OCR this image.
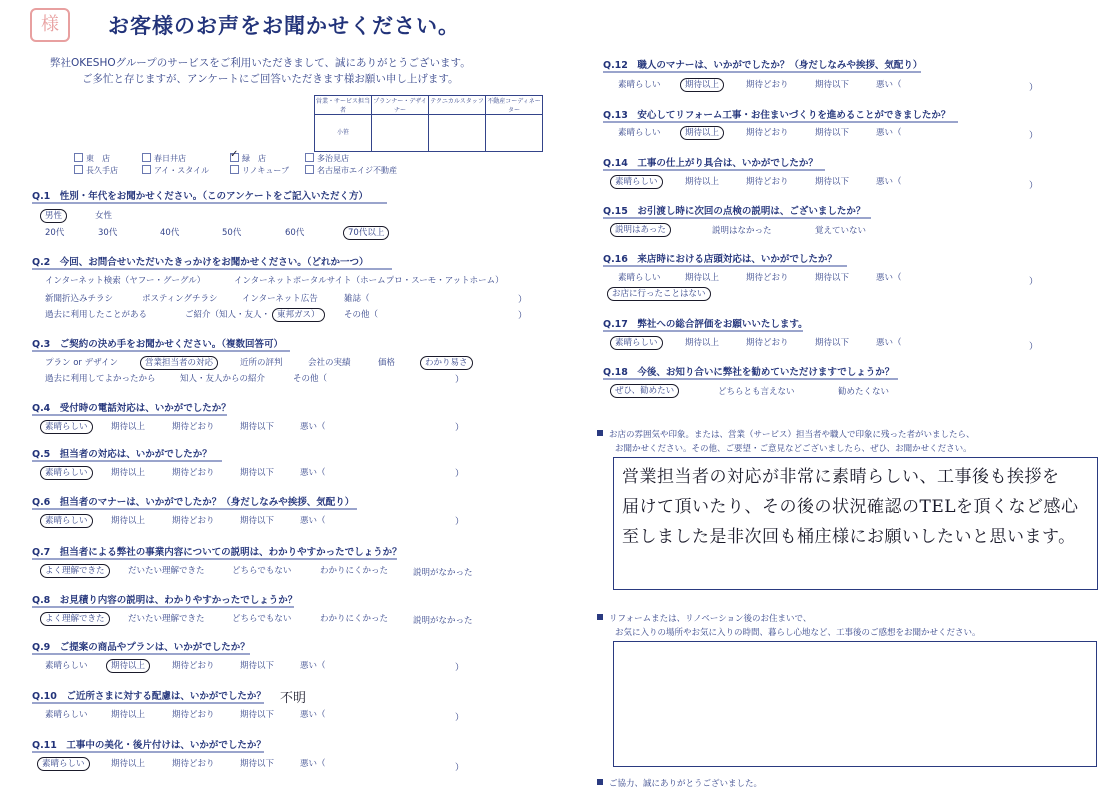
様	お客様のお声をお聞かせください。
弊社OKESHOグループのサービスをご利用いただきまして、誠にありがとうございます。
ご多忙と存じますが、アンケートにご回答いただきます様お願い申し上げます。
営業・サービス担当者	プランナー・デザイナー	テクニカルスタッフ	不動産コーディネーター
小笹			
東　店	春日井店 ✓	緑　店	多治見店
長久手店	アイ・スタイル	リノキューブ	名古屋市エイジ不動産
Q.1　性別・年代をお聞かせください。（このアンケートをご記入いただく方）
男性	女性
20代	30代	40代	50代	60代	70代以上
Q.2　今回、お問合せいただいたきっかけをお聞かせください。（どれか一つ）
インターネット検索（ヤフー・グーグル）	インターネットポータルサイト（ホームプロ・スーモ・アットホーム）
新聞折込みチラシ	ポスティングチラシ	インターネット広告	雑誌（	）
過去に利用したことがある	ご紹介（知人・友人・ 東邦ガス）	その他（	）
Q.3　ご契約の決め手をお聞かせください。（複数回答可）
プラン or デザイン	営業担当者の対応	近所の評判	会社の実績	価格	わかり易さ
過去に利用してよかったから	知人・友人からの紹介	その他（	）
Q.4　受付時の電話対応は、いかがでしたか？
素晴らしい	期待以上	期待どおり	期待以下	悪い（	）
Q.5　担当者の対応は、いかがでしたか？
素晴らしい	期待以上	期待どおり	期待以下	悪い（	）
Q.6　担当者のマナーは、いかがでしたか？（身だしなみや挨拶、気配り）
素晴らしい	期待以上	期待どおり	期待以下	悪い（	）
Q.7　担当者による弊社の事業内容についての説明は、わかりやすかったでしょうか？
よく理解できた	だいたい理解できた	どちらでもない	わかりにくかった	説明がなかった
Q.8　お見積り内容の説明は、わかりやすかったでしょうか？
よく理解できた	だいたい理解できた	どちらでもない	わかりにくかった	説明がなかった
Q.9　ご提案の商品やプランは、いかがでしたか？
素晴らしい	期待以上	期待どおり	期待以下	悪い（	）
Q.10　ご近所さまに対する配慮は、いかがでしたか？ 不明
素晴らしい	期待以上	期待どおり	期待以下	悪い（	）
Q.11　工事中の美化・後片付けは、いかがでしたか？
素晴らしい	期待以上	期待どおり	期待以下	悪い（	）
Q.12　職人のマナーは、いかがでしたか？（身だしなみや挨拶、気配り）
素晴らしい	期待以上	期待どおり	期待以下	悪い（	）
Q.13　安心してリフォーム工事・お住まいづくりを進めることができましたか？
素晴らしい	期待以上	期待どおり	期待以下	悪い（	）
Q.14　工事の仕上がり具合は、いかがでしたか？
素晴らしい	期待以上	期待どおり	期待以下	悪い（	）
Q.15　お引渡し時に次回の点検の説明は、ございましたか？
説明はあった	説明はなかった	覚えていない
Q.16　来店時における店頭対応は、いかがでしたか？
素晴らしい	期待以上	期待どおり	期待以下	悪い（	）
お店に行ったことはない
Q.17　弊社への総合評価をお願いいたします。
素晴らしい	期待以上	期待どおり	期待以下	悪い（	）
Q.18　今後、お知り合いに弊社を勧めていただけますでしょうか？
ぜひ、勧めたい	どちらとも言えない	勧めたくない
お店の雰囲気や印象。または、営業（サービス）担当者や職人で印象に残った者がいましたら、
お聞かせください。その他、ご要望・ご意見などございましたら、ぜひ、お聞かせください。
営業担当者の対応が非常に素晴らしい、工事後も挨拶を
届けて頂いたり、その後の状況確認のTELを頂くなど感心
至しました是非次回も桶庄様にお願いしたいと思います。
リフォームまたは、リノベーション後のお住まいで、
お気に入りの場所やお気に入りの時間、暮らし心地など、工事後のご感想をお聞かせください。
ご協力、誠にありがとうございました。
